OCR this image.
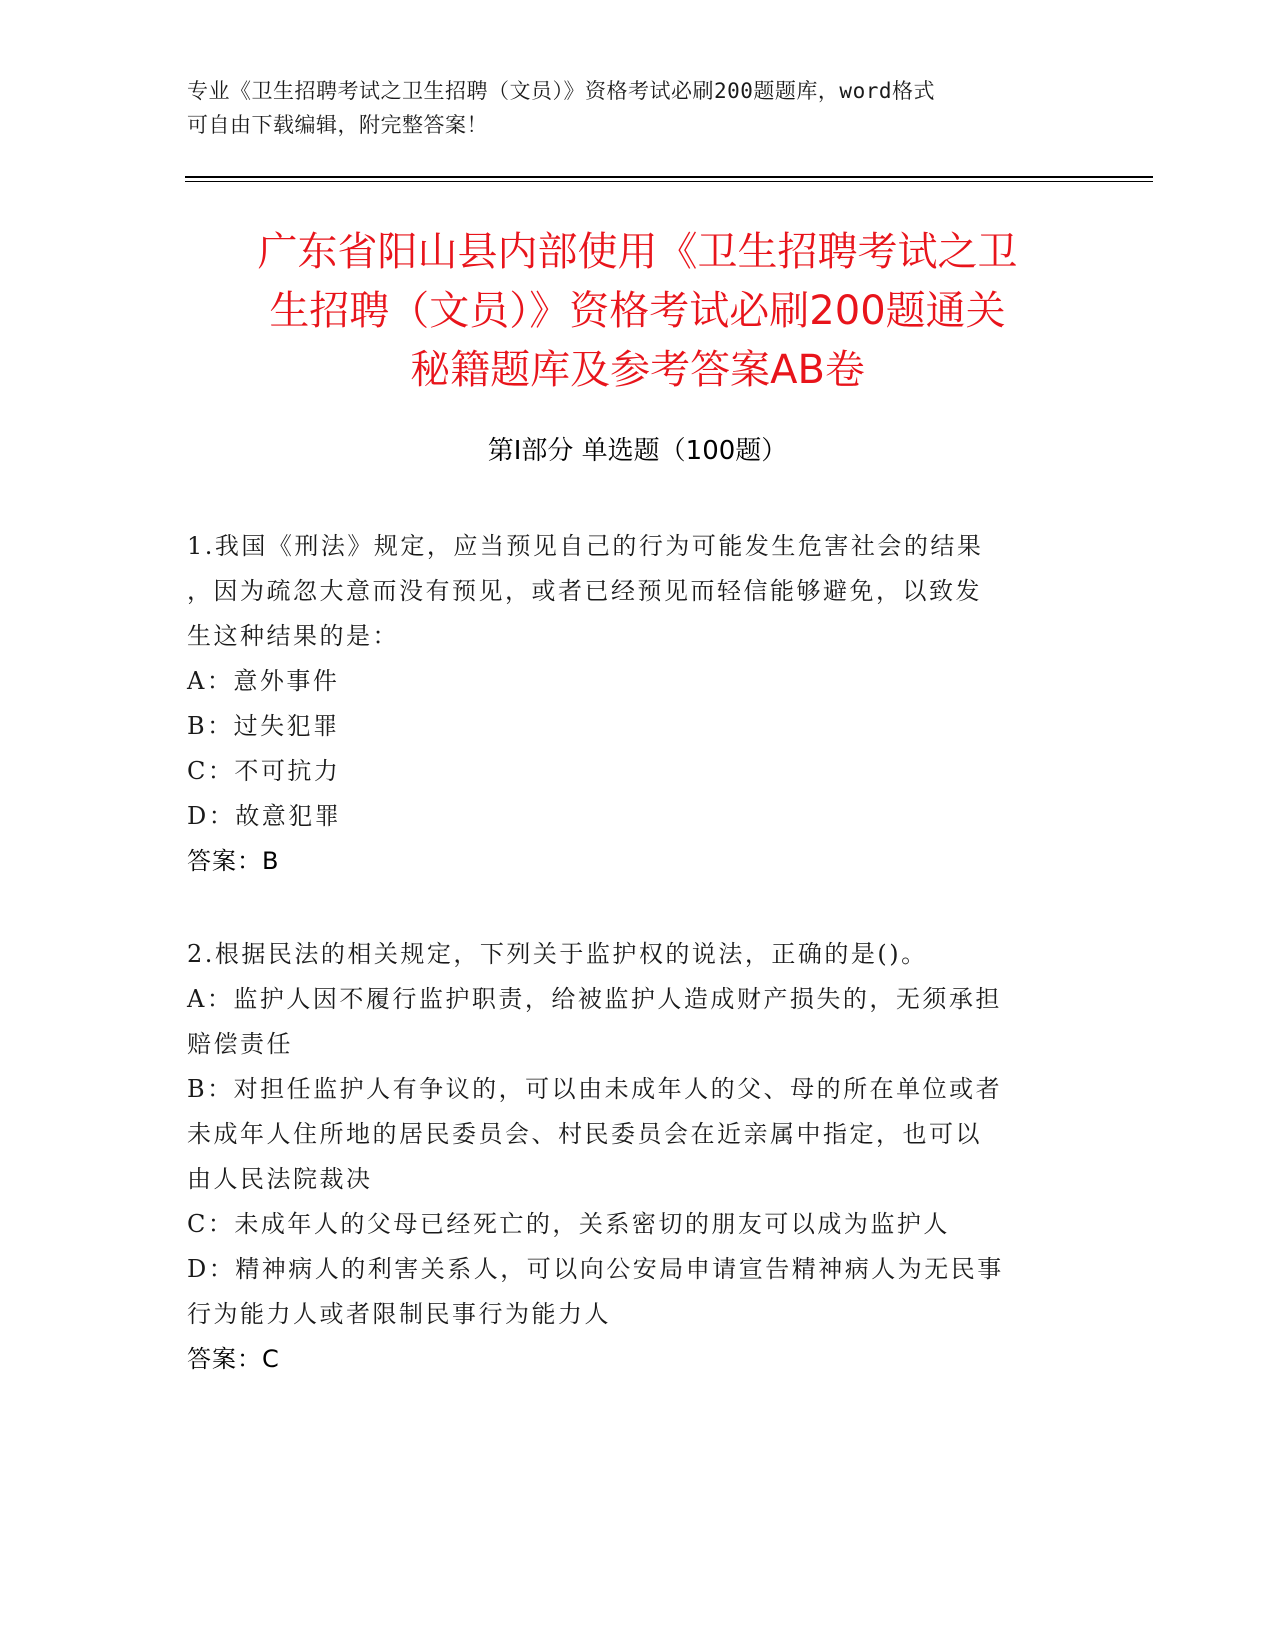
专业《卫生招聘考试之卫生招聘（文员）》资格考试必刷200题题库，word格式
可自由下载编辑，附完整答案！
广东省阳山县内部使用《卫生招聘考试之卫
生招聘（文员）》资格考试必刷200题通关
秘籍题库及参考答案AB卷
第Ⅰ部分 单选题（100题）

1.我国《刑法》规定，应当预见自己的行为可能发生危害社会的结果

，因为疏忽大意而没有预见，或者已经预见而轻信能够避免，以致发

生这种结果的是：

A：意外事件

B：过失犯罪

C：不可抗力

D：故意犯罪

答案：B

2.根据民法的相关规定，下列关于监护权的说法，正确的是()。

A：监护人因不履行监护职责，给被监护人造成财产损失的，无须承担

赔偿责任

B：对担任监护人有争议的，可以由未成年人的父、母的所在单位或者

未成年人住所地的居民委员会、村民委员会在近亲属中指定，也可以

由人民法院裁决

C：未成年人的父母已经死亡的，关系密切的朋友可以成为监护人

D：精神病人的利害关系人，可以向公安局申请宣告精神病人为无民事

行为能力人或者限制民事行为能力人

答案：C
